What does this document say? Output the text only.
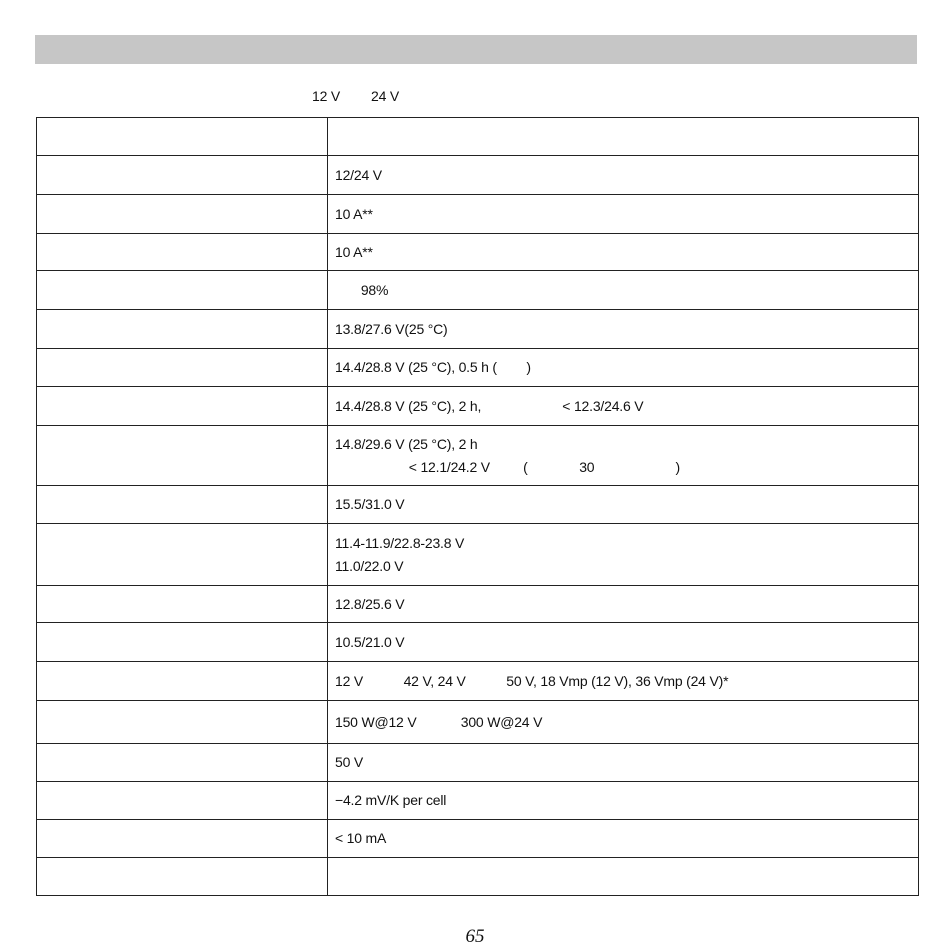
12 V 24 V

	12/24 V

	10 A**

	10 A**

	98%

	13.8/27.6 V(25 °C)

	14.4/28.8 V (25 °C), 0.5 h (        )

	14.4/28.8 V (25 °C), 2 h,                      < 12.3/24.6 V

	14.8/29.6 V (25 °C), 2 h
< 12.1/24.2 V         (              30                      )

	15.5/31.0 V

	11.4-11.9/22.8-23.8 V
11.0/22.0 V

	12.8/25.6 V

	10.5/21.0 V

	12 V           42 V, 24 V           50 V, 18 Vmp (12 V), 36 Vmp (24 V)*

	150 W@12 V            300 W@24 V

	50 V

	−4.2 mV/K per cell

	< 10 mA

65
